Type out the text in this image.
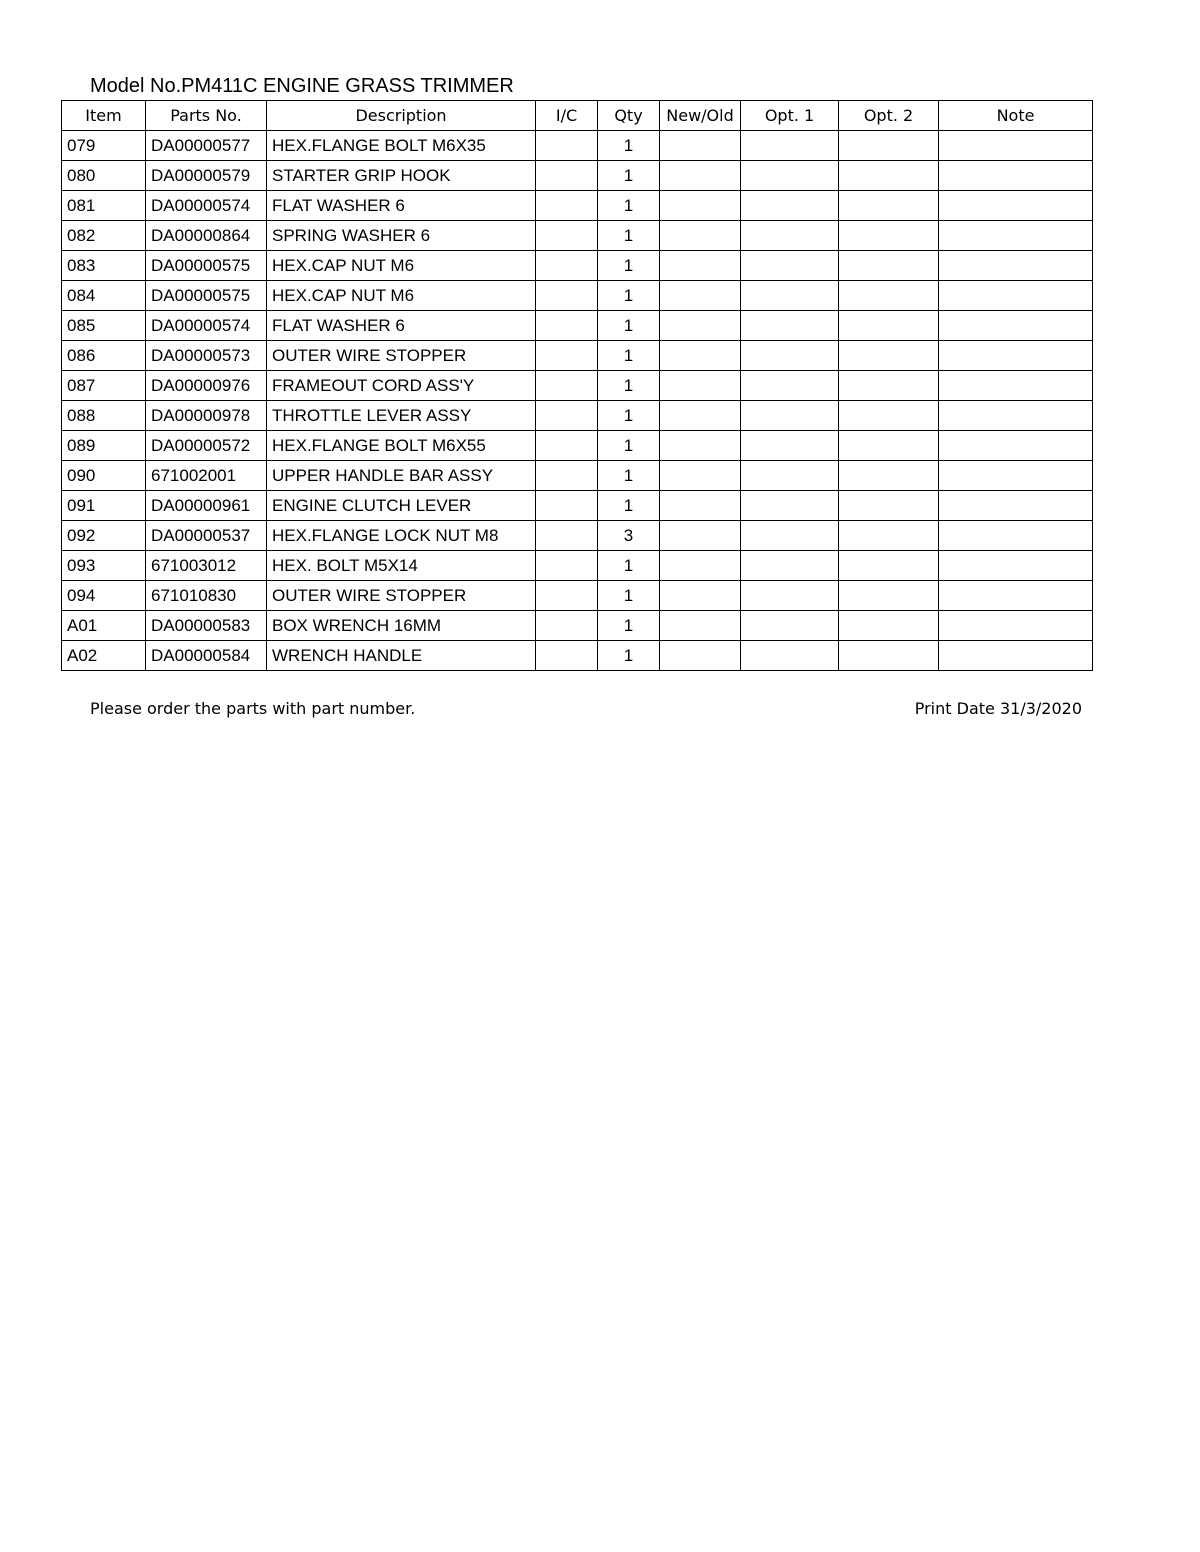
Model No.PM411C ENGINE GRASS TRIMMER
Item	Parts No.	Description	I/C	Qty	New/Old	Opt. 1	Opt. 2	Note
079	DA00000577	HEX.FLANGE BOLT M6X35		1				
080	DA00000579	STARTER GRIP HOOK		1				
081	DA00000574	FLAT WASHER 6		1				
082	DA00000864	SPRING WASHER 6		1				
083	DA00000575	HEX.CAP NUT M6		1				
084	DA00000575	HEX.CAP NUT M6		1				
085	DA00000574	FLAT WASHER 6		1				
086	DA00000573	OUTER WIRE STOPPER		1				
087	DA00000976	FRAMEOUT CORD ASS'Y		1				
088	DA00000978	THROTTLE LEVER ASSY		1				
089	DA00000572	HEX.FLANGE BOLT M6X55		1				
090	671002001	UPPER HANDLE BAR ASSY		1				
091	DA00000961	ENGINE CLUTCH LEVER		1				
092	DA00000537	HEX.FLANGE LOCK NUT M8		3				
093	671003012	HEX. BOLT M5X14		1				
094	671010830	OUTER WIRE STOPPER		1				
A01	DA00000583	BOX WRENCH 16MM		1				
A02	DA00000584	WRENCH HANDLE		1				
Please order the parts with part number.	Print Date 31/3/2020
